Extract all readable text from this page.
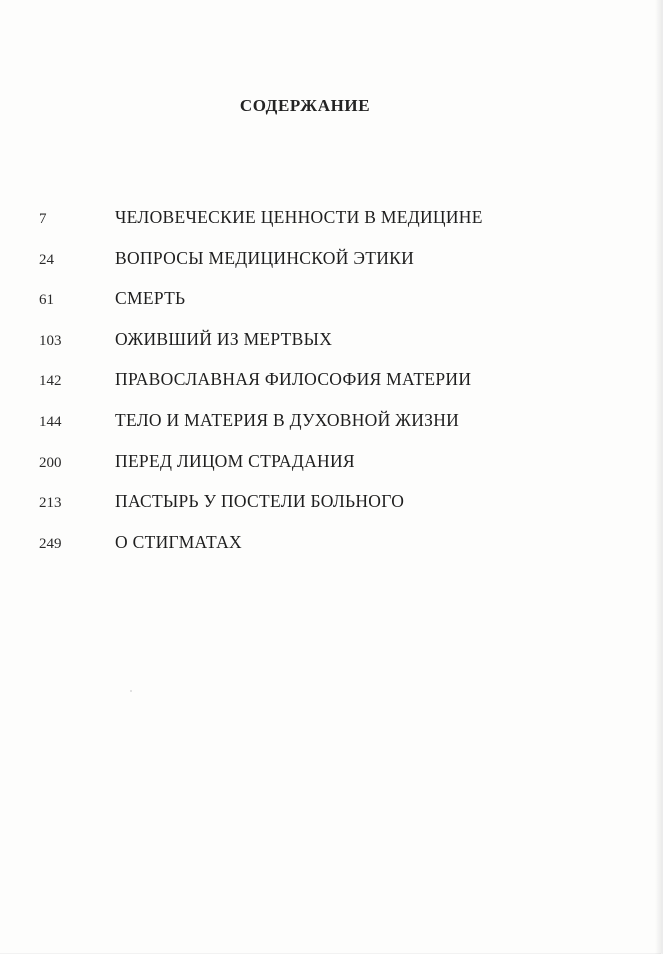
СОДЕРЖАНИЕ
7	ЧЕЛОВЕЧЕСКИЕ ЦЕННОСТИ В МЕДИЦИНЕ
24	ВОПРОСЫ МЕДИЦИНСКОЙ ЭТИКИ
61	СМЕРТЬ
103	ОЖИВШИЙ ИЗ МЕРТВЫХ
142	ПРАВОСЛАВНАЯ ФИЛОСОФИЯ МАТЕРИИ
144	ТЕЛО И МАТЕРИЯ В ДУХОВНОЙ ЖИЗНИ
200	ПЕРЕД ЛИЦОМ СТРАДАНИЯ
213	ПАСТЫРЬ У ПОСТЕЛИ БОЛЬНОГО
249	О СТИГМАТАХ
